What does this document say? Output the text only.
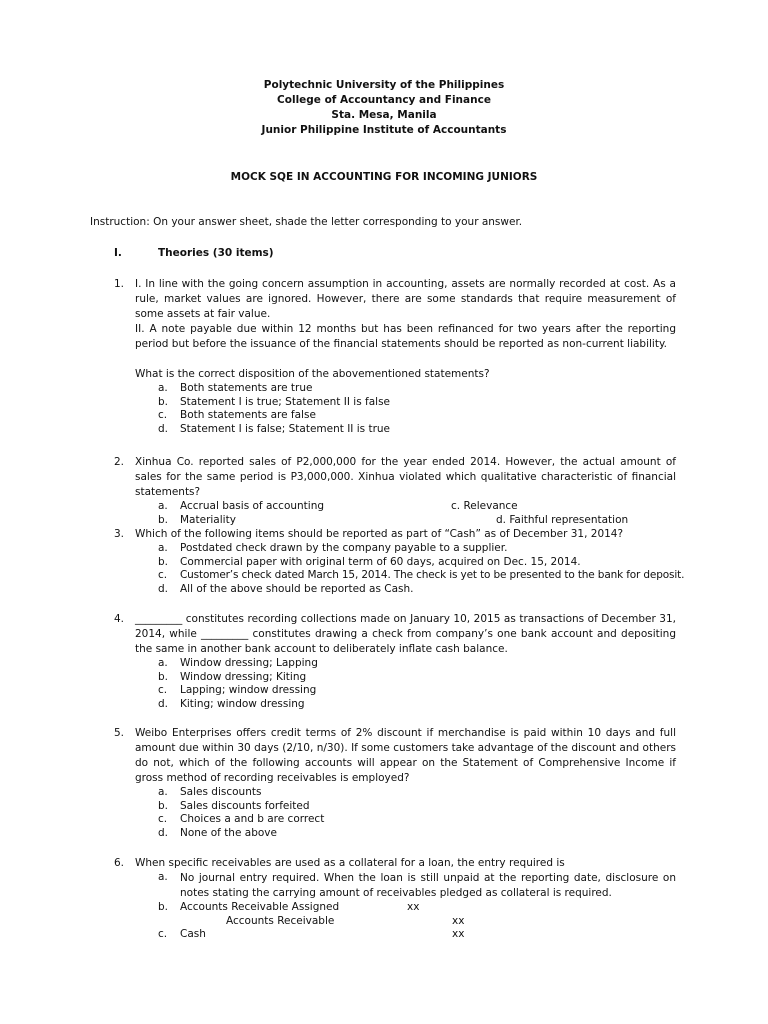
Polytechnic University of the Philippines
College of Accountancy and Finance
Sta. Mesa, Manila
Junior Philippine Institute of Accountants
MOCK SQE IN ACCOUNTING FOR INCOMING JUNIORS
Instruction: On your answer sheet, shade the letter corresponding to your answer.
I.	Theories (30 items)
1. I. In line with the going concern assumption in accounting, assets are normally recorded at cost. As a rule, market values are ignored. However, there are some standards that require measurement of some assets at fair value.

II. A note payable due within 12 months but has been refinanced for two years after the reporting period but before the issuance of the financial statements should be reported as non-current liability.

What is the correct disposition of the abovementioned statements?

a. Both statements are true
b. Statement I is true; Statement II is false
c. Both statements are false
d. Statement I is false; Statement II is true
2. Xinhua Co. reported sales of P2,000,000 for the year ended 2014. However, the actual amount of sales for the same period is P3,000,000. Xinhua violated which qualitative characteristic of financial statements?

a. Accrual basis of accounting	c. Relevance
b. Materiality	d. Faithful representation
3. Which of the following items should be reported as part of “Cash” as of December 31, 2014?

a. Postdated check drawn by the company payable to a supplier.
b. Commercial paper with original term of 60 days, acquired on Dec. 15, 2014.
c. Customer’s check dated March 15, 2014. The check is yet to be presented to the bank for deposit.
d. All of the above should be reported as Cash.
4. _________ constitutes recording collections made on January 10, 2015 as transactions of December 31, 2014, while _________ constitutes drawing a check from company’s one bank account and depositing the same in another bank account to deliberately inflate cash balance.

a. Window dressing; Lapping
b. Window dressing; Kiting
c. Lapping; window dressing
d. Kiting; window dressing
5. Weibo Enterprises offers credit terms of 2% discount if merchandise is paid within 10 days and full amount due within 30 days (2/10, n/30). If some customers take advantage of the discount and others do not, which of the following accounts will appear on the Statement of Comprehensive Income if gross method of recording receivables is employed?

a. Sales discounts
b. Sales discounts forfeited
c. Choices a and b are correct
d. None of the above
6. When specific receivables are used as a collateral for a loan, the entry required is

a. No journal entry required. When the loan is still unpaid at the reporting date, disclosure on notes stating the carrying amount of receivables pledged as collateral is required.
b. Accounts Receivable Assigned	xx
Accounts Receivable	xx
c. Cash	xx
